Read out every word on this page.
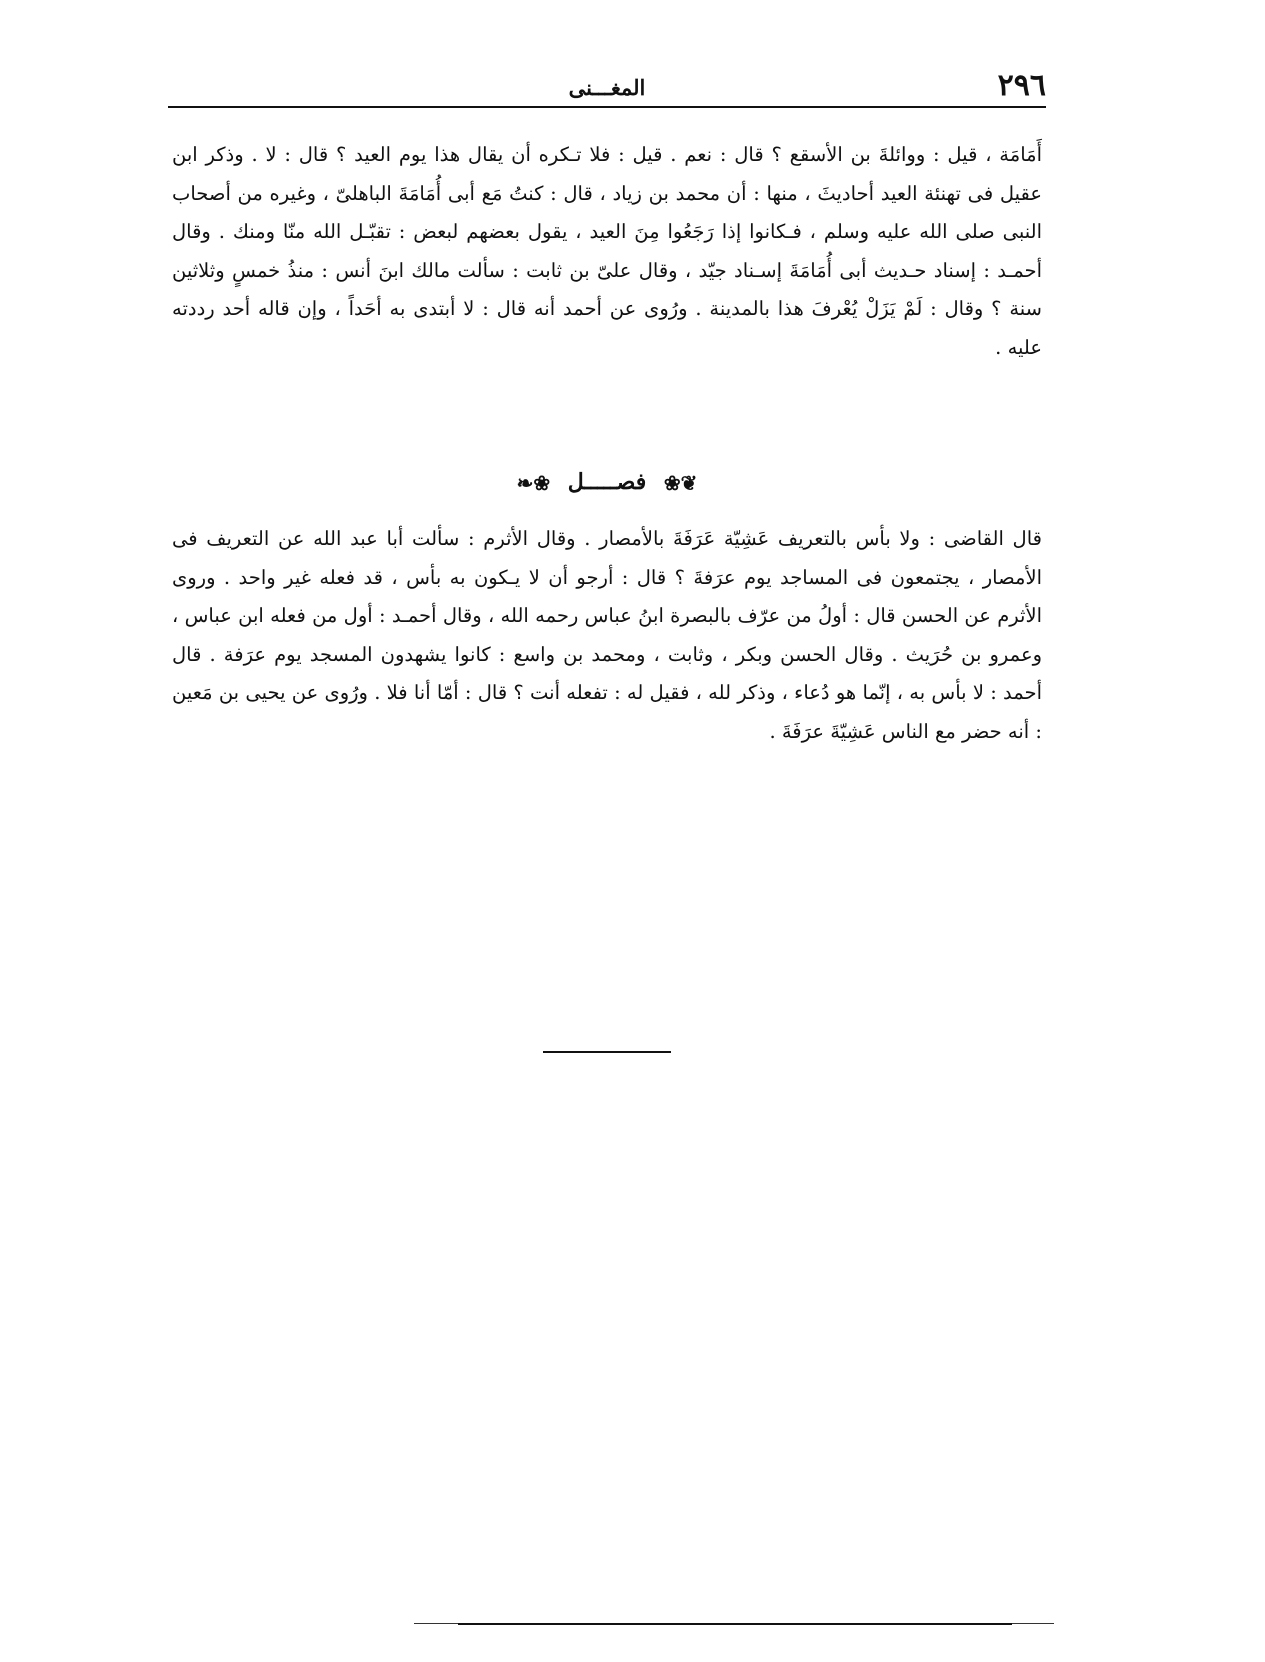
٢٩٦
المغـــنى

أَمَامَة ، قيل : ووائلةَ بن الأسقع ؟ قال : نعم . قيل : فلا تـكره أن يقال هذا يوم العيد ؟ قال : لا . وذكر ابن عقيل فى تهنئة العيد أحاديثَ ، منها : أن محمد بن زياد ، قال : كنتُ مَع أبى أُمَامَةَ الباهلىّ ، وغيره من أصحاب النبى صلى الله عليه وسلم ، فـكانوا إذا رَجَعُوا مِنَ العيد ، يقول بعضهم لبعض : تقبّـل الله منّا ومنك . وقال أحمـد : إسناد حـديث أبى أُمَامَةَ إسـناد جيّد ، وقال علىّ بن ثابت : سألت مالك ابنَ أنس : منذُ خمسٍ وثلاثين سنة ؟ وقال : لَمْ يَزَلْ يُعْرفَ هذا بالمدينة . ورُوى عن أحمد أنه قال : لا أبتدى به أحَداً ، وإن قاله أحد رددته عليه .

❦❀ فصـــــل ❀❧

قال القاضى : ولا بأس بالتعريف عَشِيّة عَرَفَةَ بالأمصار . وقال الأثرم : سألت أبا عبد الله عن التعريف فى الأمصار ، يجتمعون فى المساجد يوم عرَفةَ ؟ قال : أرجو أن لا يـكون به بأس ، قد فعله غير واحد . وروى الأثرم عن الحسن قال : أولُ من عرّف بالبصرة ابنُ عباس رحمه الله ، وقال أحمـد : أول من فعله ابن عباس ، وعمرو بن حُرَيث . وقال الحسن وبكر ، وثابت ، ومحمد بن واسع : كانوا يشهدون المسجد يوم عرَفة . قال أحمد : لا بأس به ، إنّما هو دُعاء ، وذكر لله ، فقيل له : تفعله أنت ؟ قال : أمّا أنا فلا . ورُوى عن يحيى بن مَعين : أنه حضر مع الناس عَشِيّةَ عرَفَةَ .
